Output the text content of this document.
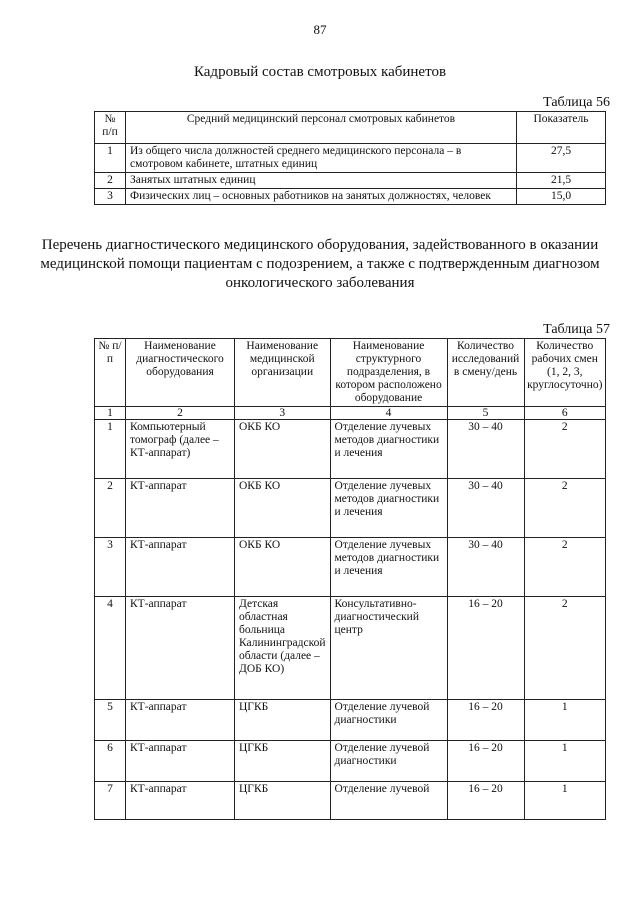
87
Кадровый состав смотровых кабинетов
Таблица 56
№ п/п	Средний медицинский персонал смотровых кабинетов	Показатель
1	Из общего числа должностей среднего медицинского персонала – в смотровом кабинете, штатных единиц	27,5
2	Занятых штатных единиц	21,5
3	Физических лиц – основных работников на занятых должностях, человек	15,0
Перечень диагностического медицинского оборудования, задействованного в оказании медицинской помощи пациентам с подозрением, а также с подтвержденным диагнозом онкологического заболевания
Таблица 57
№ п/п	Наименование диагностического оборудования	Наименование медицинской организации	Наименование структурного подразделения, в котором расположено оборудование	Количество исследований в смену/день	Количество рабочих смен (1, 2, 3, круглосуточно)
1	2	3	4	5	6
1	Компьютерный томограф (далее – КТ-аппарат)	ОКБ КО	Отделение лучевых методов диагностики и лечения	30 – 40	2
2	КТ-аппарат	ОКБ КО	Отделение лучевых методов диагностики и лечения	30 – 40	2
3	КТ-аппарат	ОКБ КО	Отделение лучевых методов диагностики и лечения	30 – 40	2
4	КТ-аппарат	Детская областная больница Калининградской области (далее – ДОБ КО)	Консультативно-диагностический центр	16 – 20	2
5	КТ-аппарат	ЦГКБ	Отделение лучевой диагностики	16 – 20	1
6	КТ-аппарат	ЦГКБ	Отделение лучевой диагностики	16 – 20	1
7	КТ-аппарат	ЦГКБ	Отделение лучевой	16 – 20	1
